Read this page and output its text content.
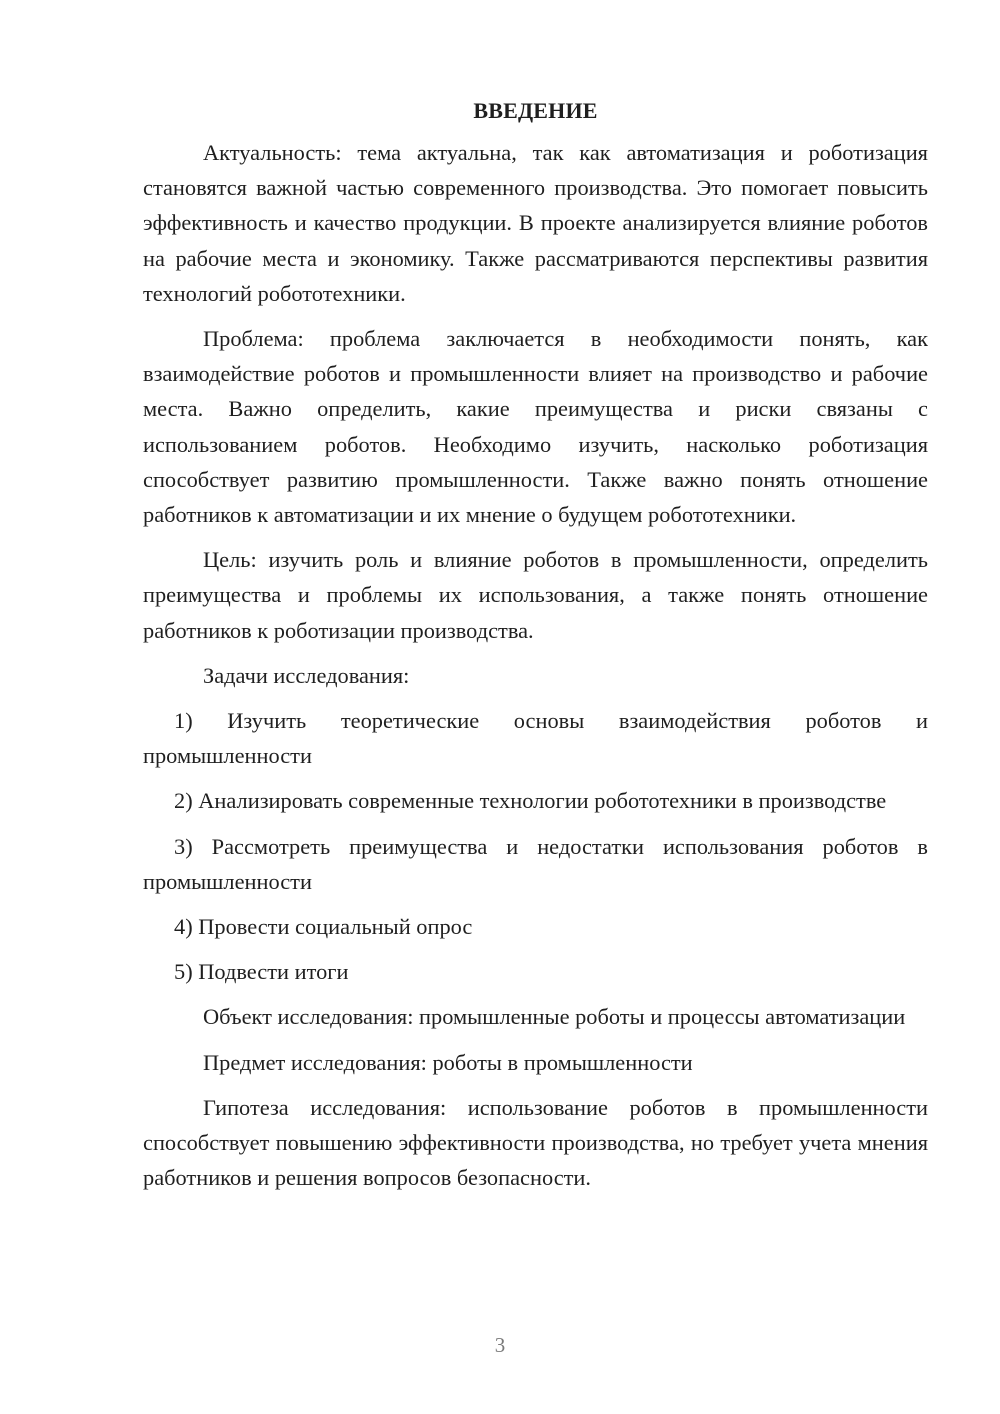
ВВЕДЕНИЕ

Актуальность: тема актуальна, так как автоматизация и роботизация становятся важной частью современного производства. Это помогает повысить эффективность и качество продукции. В проекте анализируется влияние роботов на рабочие места и экономику. Также рассматриваются перспективы развития технологий робототехники.

Проблема: проблема заключается в необходимости понять, как взаимодействие роботов и промышленности влияет на производство и рабочие места. Важно определить, какие преимущества и риски связаны с использованием роботов. Необходимо изучить, насколько роботизация способствует развитию промышленности. Также важно понять отношение работников к автоматизации и их мнение о будущем робототехники.

Цель: изучить роль и влияние роботов в промышленности, определить преимущества и проблемы их использования, а также понять отношение работников к роботизации производства.

Задачи исследования:

1) Изучить теоретические основы взаимодействия роботов и промышленности

2) Анализировать современные технологии робототехники в производстве

3) Рассмотреть преимущества и недостатки использования роботов в промышленности

4) Провести социальный опрос

5) Подвести итоги

Объект исследования: промышленные роботы и процессы автоматизации

Предмет исследования: роботы в промышленности

Гипотеза исследования: использование роботов в промышленности способствует повышению эффективности производства, но требует учета мнения работников и решения вопросов безопасности.

3
